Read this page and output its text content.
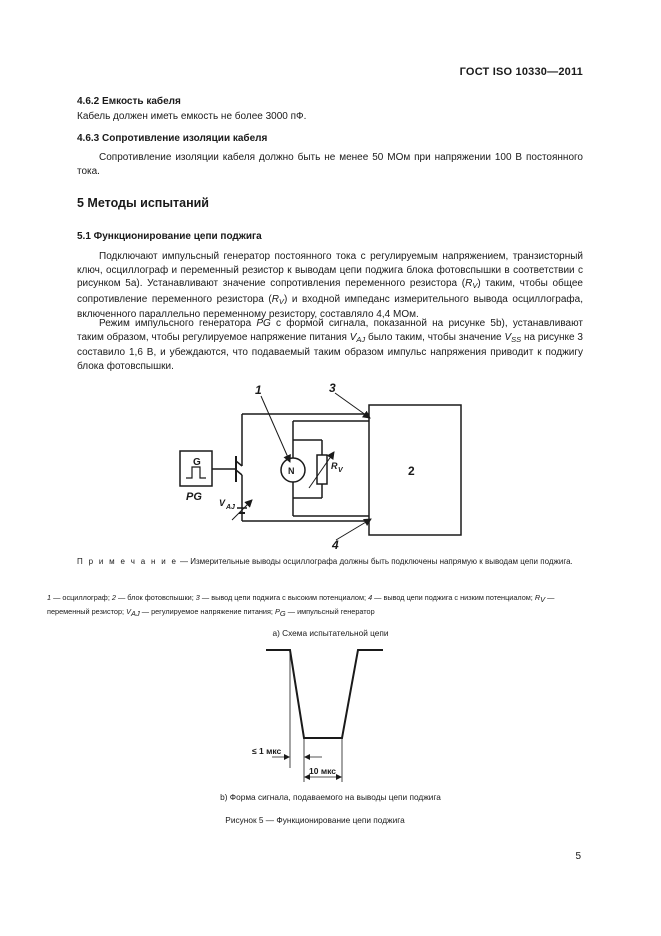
ГОСТ ISO 10330—2011
4.6.2 Емкость кабеля
Кабель должен иметь емкость не более 3000 пФ.
4.6.3 Сопротивление изоляции кабеля
Сопротивление изоляции кабеля должно быть не менее 50 МОм при напряжении 100 В постоянного тока.
5 Методы испытаний
5.1 Функционирование цепи поджига
Подключают импульсный генератор постоянного тока с регулируемым напряжением, транзисторный ключ, осциллограф и переменный резистор к выводам цепи поджига блока фотовспышки в соответствии с рисунком 5а). Устанавливают значение сопротивления переменного резистора $(R_V)$ таким, чтобы общее сопротивление переменного резистора $(R_V)$ и входной импеданс измерительного вывода осциллографа, включенного параллельно переменному резистору, составляло 4,4 МОм.
Режим импульсного генератора PG с формой сигнала, показанной на рисунке 5b), устанавливают таким образом, чтобы регулируемое напряжение питания $V_{AJ}$ было таким, чтобы значение $V_{SS}$ на рисунке 3 составило 1,6 В, и убеждаются, что подаваемый таким образом импульс напряжения приводит к поджигу блока фотовспышки.
1	3
4
2
G
PG
N	R V
V AJ
П р и м е ч а н и е — Измерительные выводы осциллографа должны быть подключены напрямую к выводам цепи поджига.
1 — осциллограф; 2 — блок фотовспышки; 3 — вывод цепи поджига с высоким потенциалом; 4 — вывод цепи поджига с низким потенциалом; RV — переменный резистор; VAJ — регулируемое напряжение питания; PG — импульсный генератор
а) Схема испытательной цепи
≤ 1 мкс
10 мкс
b) Форма сигнала, подаваемого на выводы цепи поджига
Рисунок 5 — Функционирование цепи поджига
5
